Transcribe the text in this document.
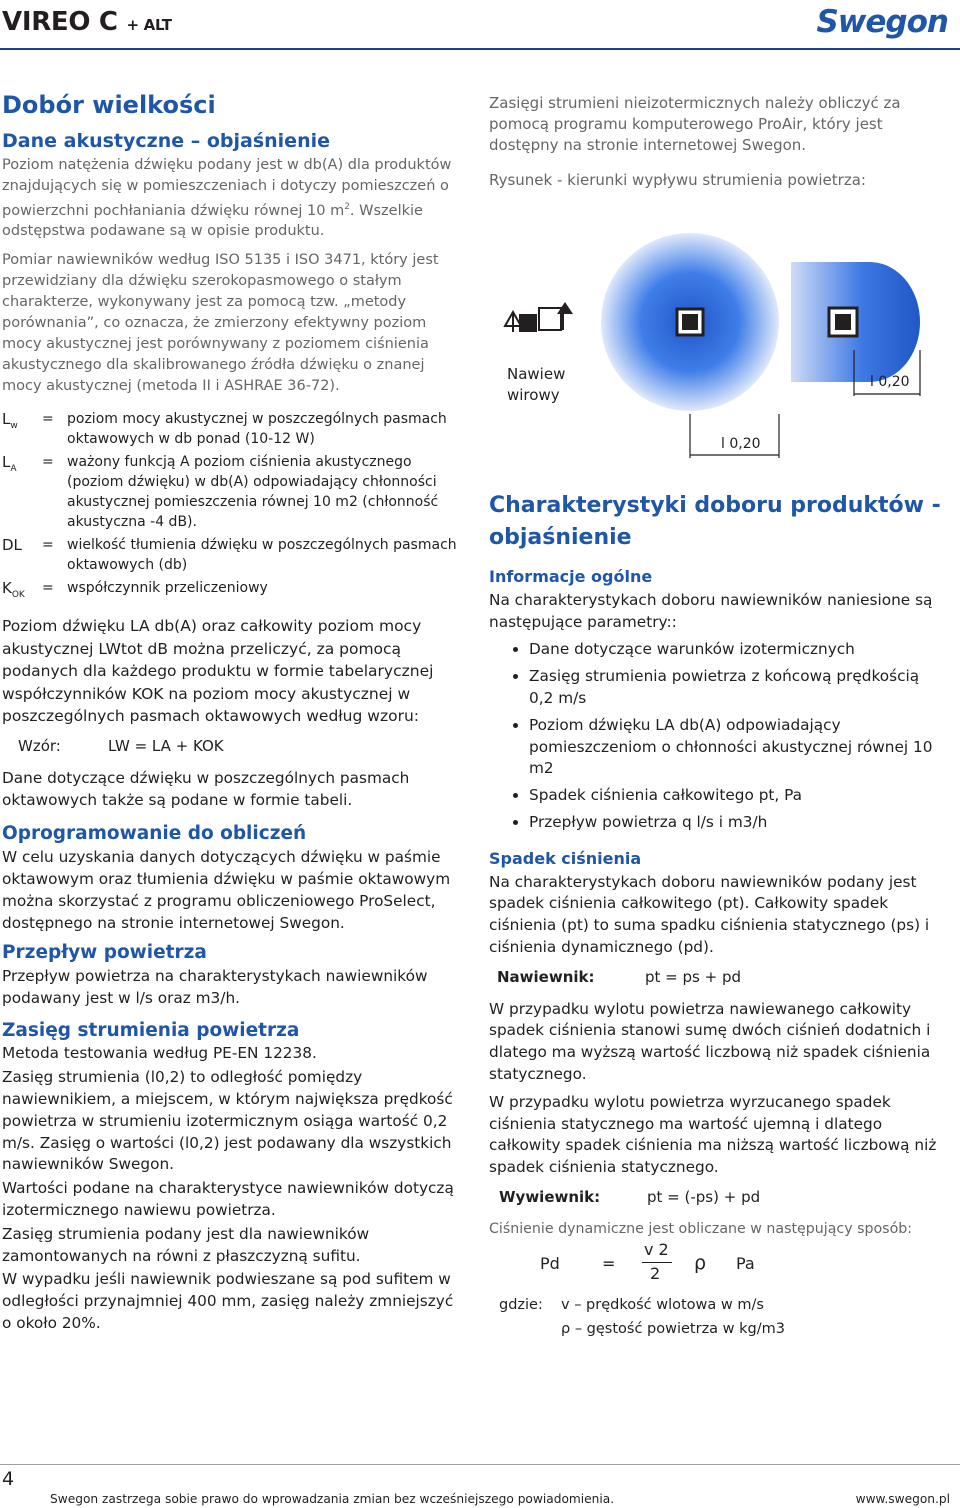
VIREO C + ALT	Swegon
Dobór wielkości
Dane akustyczne – objaśnienie

Poziom natężenia dźwięku podany jest w db(A) dla produktów znajdujących się w pomieszczeniach i dotyczy pomieszczeń o powierzchni pochłaniania dźwięku równej 10 $m^2$. Wszelkie odstępstwa podawane są w opisie produktu.

Pomiar nawiewników według ISO 5135 i ISO 3471, który jest przewidziany dla dźwięku szerokopasmowego o stałym charakterze, wykonywany jest za pomocą tzw. „metody porównania”, co oznacza, że zmierzony efektywny poziom mocy akustycznej jest porównywany z poziomem ciśnienia akustycznego dla skalibrowanego źródła dźwięku o znanej mocy akustycznej (metoda II i ASHRAE 36-72).

$L_w$	= poziom mocy akustycznej w poszczególnych pasmach oktawowych w db ponad (10-12 W)
$L_A$	= ważony funkcją A poziom ciśnienia akustycznego (poziom dźwięku) w db(A) odpowiadający chłonności akustycznej pomieszczenia równej 10 m2 (chłonność akustyczna -4 dB).
DL	= wielkość tłumienia dźwięku w poszczególnych pasmach oktawowych (db)
$K_{OK}$	= współczynnik przeliczeniowy

Poziom dźwięku LA db(A) oraz całkowity poziom mocy akustycznej LWtot dB można przeliczyć, za pomocą podanych dla każdego produktu w formie tabelarycznej współczynników KOK na poziom mocy akustycznej w poszczególnych pasmach oktawowych według wzoru:

Wzór:	LW = LA + KOK

Dane dotyczące dźwięku w poszczególnych pasmach oktawowych także są podane w formie tabeli.

Oprogramowanie do obliczeń

W celu uzyskania danych dotyczących dźwięku w paśmie oktawowym oraz tłumienia dźwięku w paśmie oktawowym można skorzystać z programu obliczeniowego ProSelect, dostępnego na stronie internetowej Swegon.

Przepływ powietrza

Przepływ powietrza na charakterystykach nawiewników podawany jest w l/s oraz m3/h.

Zasięg strumienia powietrza

Metoda testowania według PE-EN 12238.

Zasięg strumienia (l0,2) to odległość pomiędzy nawiewnikiem, a miejscem, w którym największa prędkość powietrza w strumieniu izotermicznym osiąga wartość 0,2 m/s. Zasięg o wartości (l0,2) jest podawany dla wszystkich nawiewników Swegon.

Wartości podane na charakterystyce nawiewników dotyczą izotermicznego nawiewu powietrza.

Zasięg strumienia podany jest dla nawiewników zamontowanych na równi z płaszczyzną sufitu.

W wypadku jeśli nawiewnik podwieszane są pod sufitem w odległości przynajmniej 400 mm, zasięg należy zmniejszyć o około 20%.

Zasięgi strumieni nieizotermicznych należy obliczyć za pomocą programu komputerowego ProAir, który jest dostępny na stronie internetowej Swegon.

Rysunek - kierunki wypływu strumienia powietrza:

Nawiew wirowy
l 0,20
l 0,20
Charakterystyki doboru produktów - objaśnienie
Informacje ogólne

Na charakterystykach doboru nawiewników naniesione są następujące parametry::

• Dane dotyczące warunków izotermicznych
• Zasięg strumienia powietrza z końcową prędkością 0,2 m/s
• Poziom dźwięku LA db(A) odpowiadający pomieszczeniom o chłonności akustycznej równej 10 m2
• Spadek ciśnienia całkowitego pt, Pa
• Przepływ powietrza q l/s i m3/h
Spadek ciśnienia

Na charakterystykach doboru nawiewników podany jest spadek ciśnienia całkowitego (pt). Całkowity spadek ciśnienia (pt) to suma spadku ciśnienia statycznego (ps) i ciśnienia dynamicznego (pd).

Nawiewnik:	pt = ps + pd

W przypadku wylotu powietrza nawiewanego całkowity spadek ciśnienia stanowi sumę dwóch ciśnień dodatnich i dlatego ma wyższą wartość liczbową niż spadek ciśnienia statycznego.

W przypadku wylotu powietrza wyrzucanego spadek ciśnienia statycznego ma wartość ujemną i dlatego całkowity spadek ciśnienia ma niższą wartość liczbową niż spadek ciśnienia statycznego.

Wywiewnik:	pt = (-ps) + pd

Ciśnienie dynamiczne jest obliczane w następujący sposób:

Pd	=
v 2
2 ρ Pa
gdzie:	v – prędkość wlotowa w m/s
ρ – gęstość powietrza w kg/m3
4
Swegon zastrzega sobie prawo do wprowadzania zmian bez wcześniejszego powiadomienia.	www.swegon.pl
